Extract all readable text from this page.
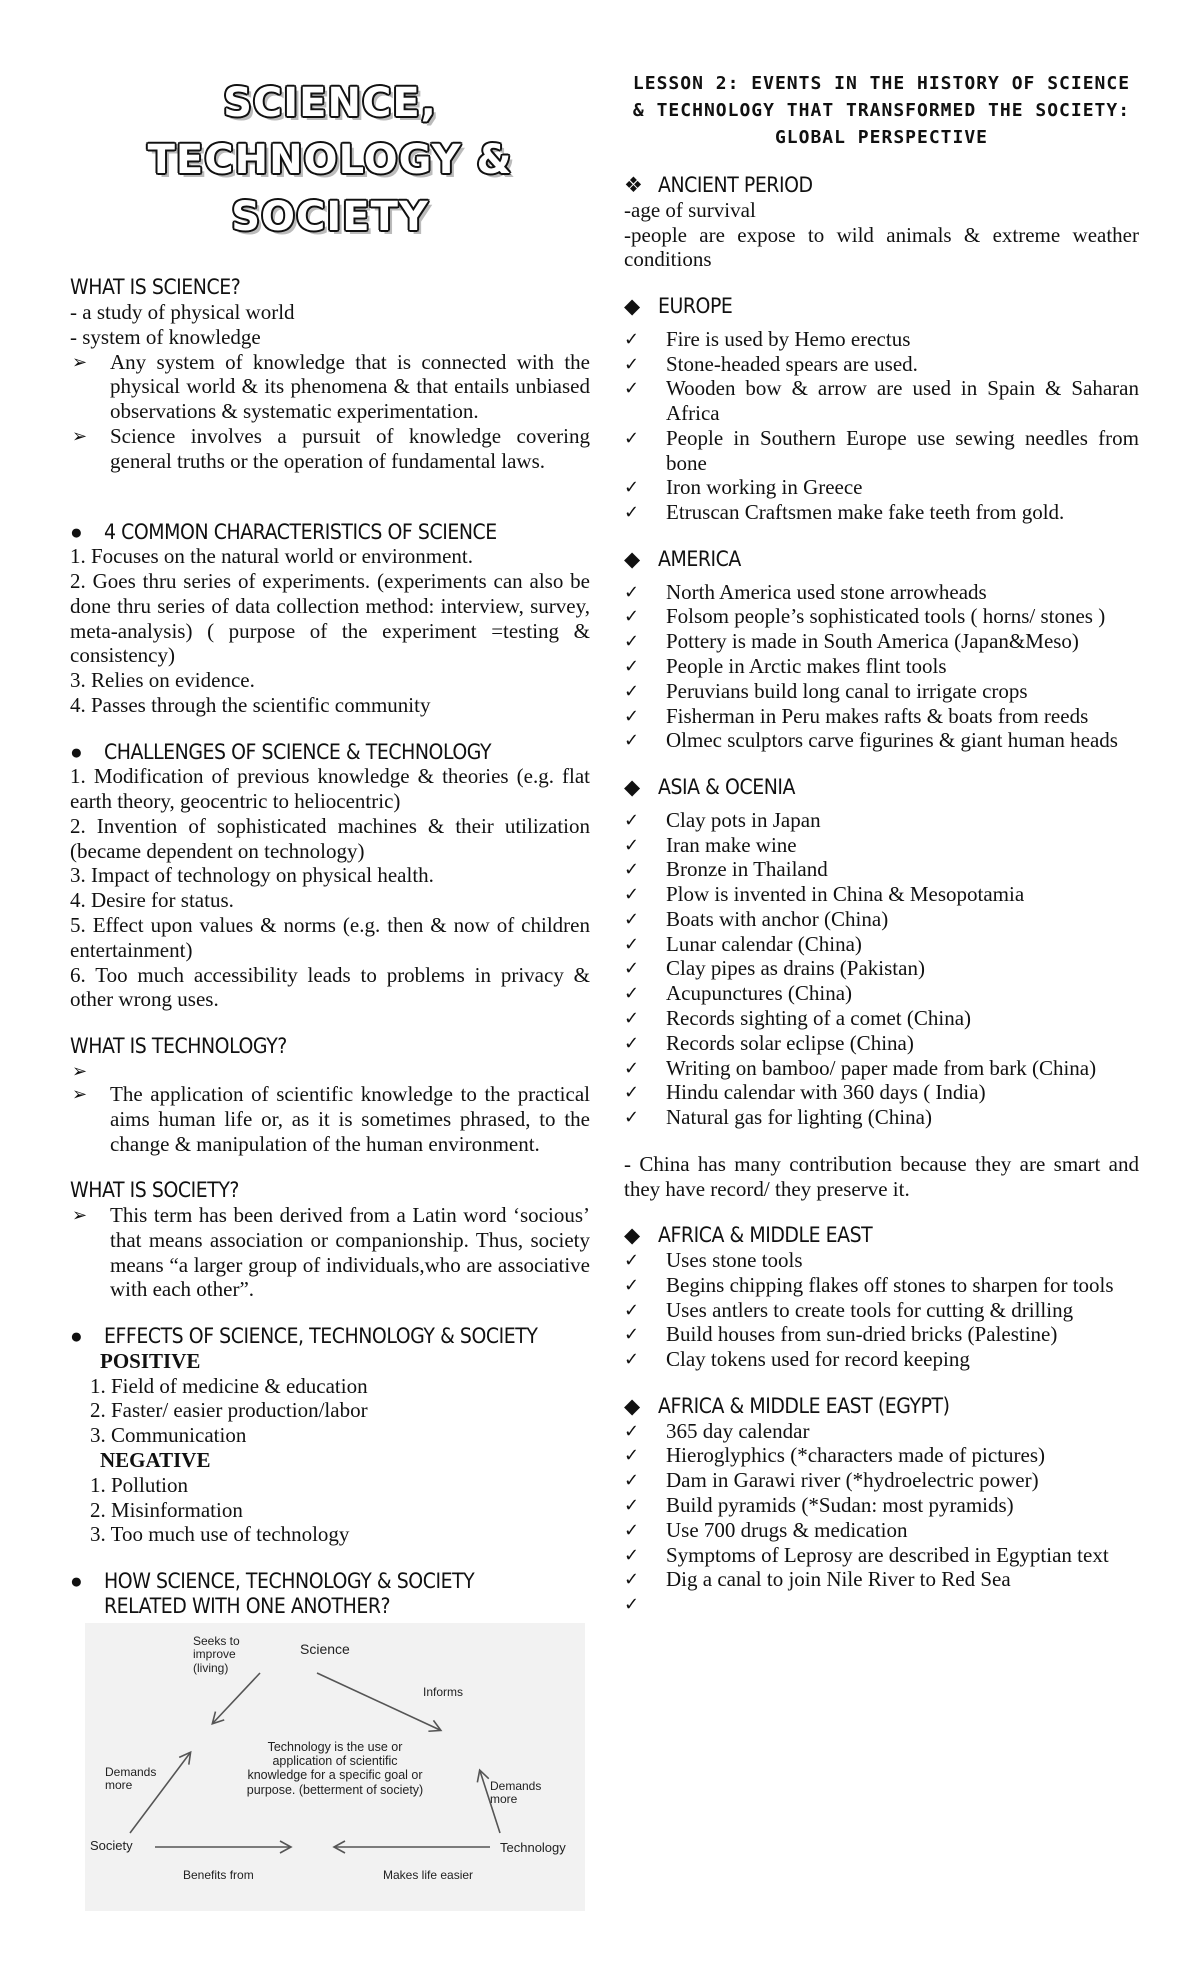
SCIENCE, TECHNOLOGY &
SOCIETY
WHAT IS SCIENCE?
- a study of physical world
- system of knowledge
➢	Any system of knowledge that is connected with the physical world & its phenomena & that entails unbiased observations & systematic experimentation.
➢	Science involves a pursuit of knowledge covering general truths or the operation of fundamental laws.
●	4 COMMON CHARACTERISTICS OF SCIENCE
1. Focuses on the natural world or environment.
2. Goes thru series of experiments. (experiments can also be done thru series of data collection method: interview, survey, meta-analysis) ( purpose of the experiment =testing & consistency)
3. Relies on evidence.
4. Passes through the scientific community
●	CHALLENGES OF SCIENCE & TECHNOLOGY
1. Modification of previous knowledge & theories (e.g. flat earth theory, geocentric to heliocentric)
2. Invention of sophisticated machines & their utilization (became dependent on technology)
3. Impact of technology on physical health.
4. Desire for status.
5. Effect upon values & norms (e.g. then & now of children entertainment)
6. Too much accessibility leads to problems in privacy & other wrong uses.
WHAT IS TECHNOLOGY?
➢
➢	The application of scientific knowledge to the practical aims human life or, as it is sometimes phrased, to the change & manipulation of the human environment.
WHAT IS SOCIETY?
➢	This term has been derived from a Latin word ‘socious’ that means association or companionship. Thus, society means “a larger group of individuals,who are associative with each other”.
●	EFFECTS OF SCIENCE, TECHNOLOGY & SOCIETY
POSITIVE
1. Field of medicine & education
2. Faster/ easier production/labor
3. Communication
NEGATIVE
1. Pollution
2. Misinformation
3. Too much use of technology
●	HOW SCIENCE, TECHNOLOGY & SOCIETY RELATED WITH ONE ANOTHER?
Seeks to
improve
(living)
Science
Informs
Demands
more
Technology is the use or
application of scientific
knowledge for a specific goal or
purpose. (betterment of society)	Demands
more
Society	Technology
Benefits from	Makes life easier
LESSON 2: EVENTS IN THE HISTORY OF SCIENCE & TECHNOLOGY THAT TRANSFORMED THE SOCIETY: GLOBAL PERSPECTIVE
❖ ANCIENT PERIOD
-age of survival
-people are expose to wild animals & extreme weather conditions
◆ EUROPE
✓	Fire is used by Hemo erectus
✓	Stone-headed spears are used.
✓	Wooden bow & arrow are used in Spain & Saharan Africa
✓	People in Southern Europe use sewing needles from bone
✓	Iron working in Greece
✓	Etruscan Craftsmen make fake teeth from gold.
◆ AMERICA
✓	North America used stone arrowheads
✓	Folsom people’s sophisticated tools ( horns/ stones )
✓	Pottery is made in South America (Japan&Meso)
✓	People in Arctic makes flint tools
✓	Peruvians build long canal to irrigate crops
✓	Fisherman in Peru makes rafts & boats from reeds
✓	Olmec sculptors carve figurines & giant human heads
◆ ASIA & OCENIA
✓	Clay pots in Japan
✓	Iran make wine
✓	Bronze in Thailand
✓	Plow is invented in China & Mesopotamia
✓	Boats with anchor (China)
✓	Lunar calendar (China)
✓	Clay pipes as drains (Pakistan)
✓	Acupunctures (China)
✓	Records sighting of a comet (China)
✓	Records solar eclipse (China)
✓	Writing on bamboo/ paper made from bark (China)
✓	Hindu calendar with 360 days ( India)
✓	Natural gas for lighting (China)
- China has many contribution because they are smart and they have record/ they preserve it.
◆ AFRICA & MIDDLE EAST
✓	Uses stone tools
✓	Begins chipping flakes off stones to sharpen for tools
✓	Uses antlers to create tools for cutting & drilling
✓	Build houses from sun-dried bricks (Palestine)
✓	Clay tokens used for record keeping
◆ AFRICA & MIDDLE EAST (EGYPT)
✓	365 day calendar
✓	Hieroglyphics (*characters made of pictures)
✓	Dam in Garawi river (*hydroelectric power)
✓	Build pyramids (*Sudan: most pyramids)
✓	Use 700 drugs & medication
✓	Symptoms of Leprosy are described in Egyptian text
✓	Dig a canal to join Nile River to Red Sea
✓
